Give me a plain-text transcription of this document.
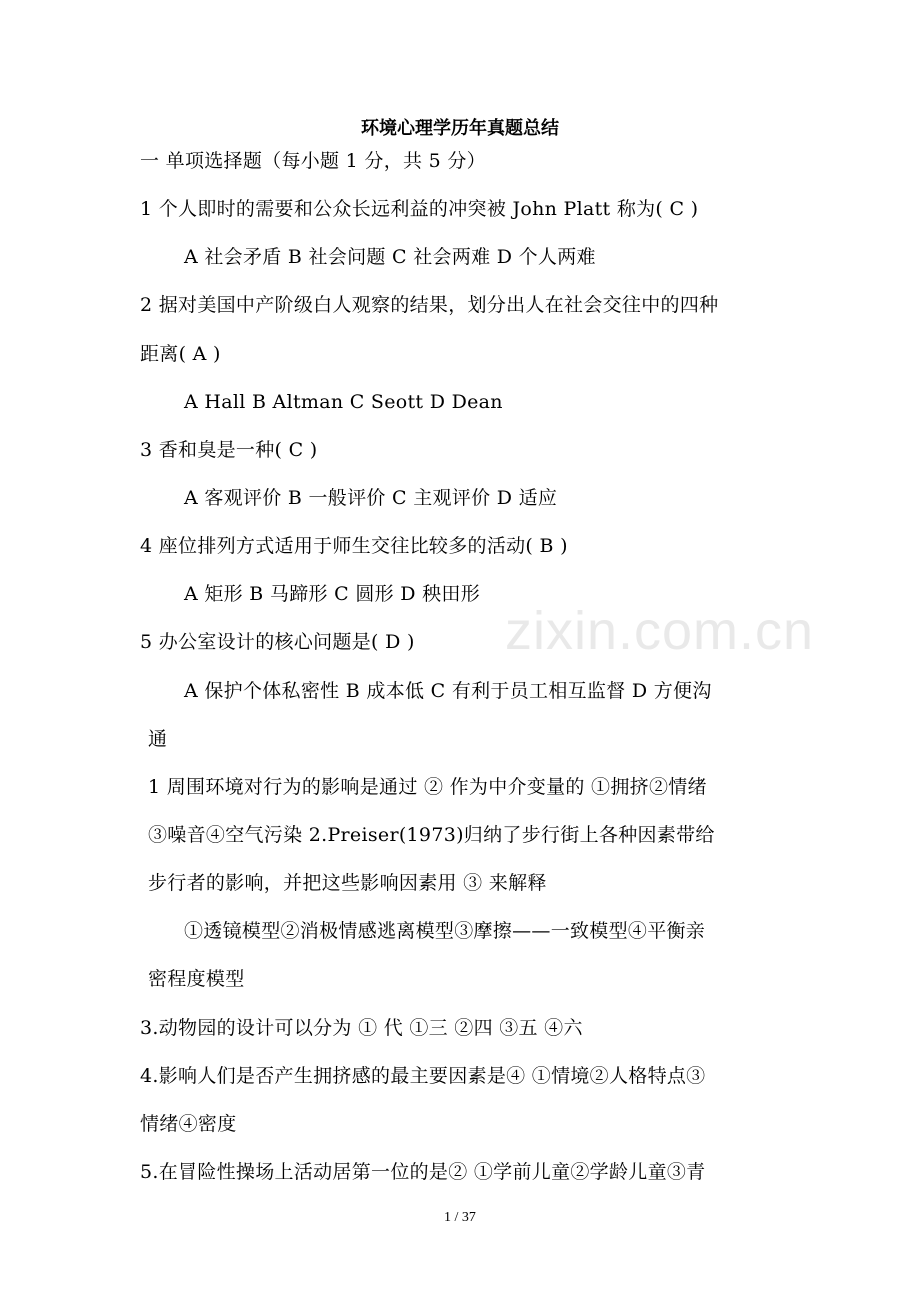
环境心理学历年真题总结
一 单项选择题（每小题 1 分，共 5 分）
1 个人即时的需要和公众长远利益的冲突被 John Platt 称为( C )
A 社会矛盾 B 社会问题 C 社会两难 D 个人两难
2 据对美国中产阶级白人观察的结果，划分出人在社会交往中的四种
距离( A )
A Hall B Altman C Seott D Dean
3 香和臭是一种( C )
A 客观评价 B 一般评价 C 主观评价 D 适应
4 座位排列方式适用于师生交往比较多的活动( B )
A 矩形 B 马蹄形 C 圆形 D 秧田形
5 办公室设计的核心问题是( D )
A 保护个体私密性 B 成本低 C 有利于员工相互监督 D 方便沟
通
1 周围环境对行为的影响是通过 ② 作为中介变量的 ①拥挤②情绪
③噪音④空气污染 2.Preiser(1973)归纳了步行街上各种因素带给
步行者的影响，并把这些影响因素用 ③ 来解释
①透镜模型②消极情感逃离模型③摩擦——一致模型④平衡亲
密程度模型
3.动物园的设计可以分为 ① 代 ①三 ②四 ③五 ④六
4.影响人们是否产生拥挤感的最主要因素是④ ①情境②人格特点③
情绪④密度
5.在冒险性操场上活动居第一位的是② ①学前儿童②学龄儿童③青
zixin.com.cn
1 / 37
